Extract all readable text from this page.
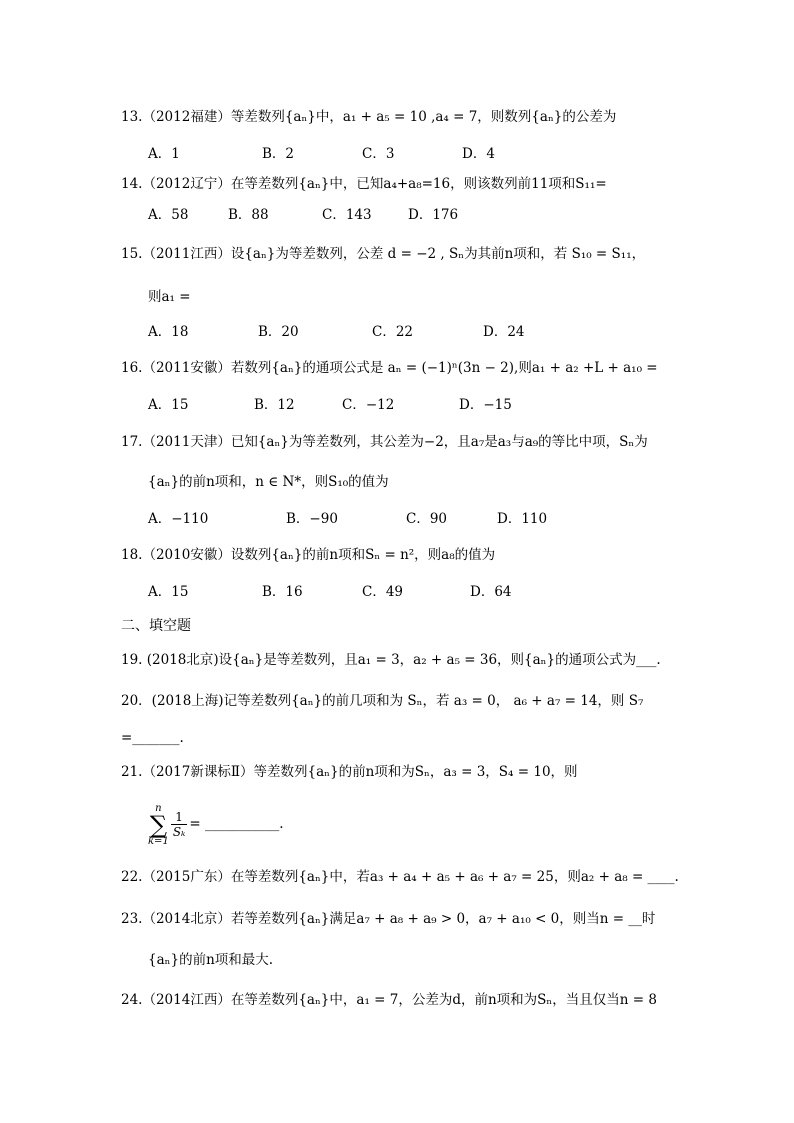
13.（2012福建）等差数列{aₙ}中，a₁ + a₅ = 10 ,a₄ = 7，则数列{aₙ}的公差为
A．1	B．2	C．3	D．4
14.（2012辽宁）在等差数列{aₙ}中，已知a₄+a₈=16，则该数列前11项和S₁₁=
A．58	B．88	C．143	D．176
15.（2011江西）设{aₙ}为等差数列，公差 d = −2 , Sₙ为其前n项和，若 S₁₀ = S₁₁，
则a₁ =
A．18	B．20	C．22	D．24
16.（2011安徽）若数列{aₙ}的通项公式是 aₙ = (−1)ⁿ(3n − 2),则a₁ + a₂ +L + a₁₀ =
A．15	B．12	C．−12	D．−15
17.（2011天津）已知{aₙ}为等差数列，其公差为−2，且a₇是a₃与a₉的等比中项，Sₙ为
{aₙ}的前n项和，n ∈ N*，则S₁₀的值为
A．−110	B．−90	C．90	D．110
18.（2010安徽）设数列{aₙ}的前n项和Sₙ = n²，则a₈的值为
A．15	B．16	C．49	D．64
二、填空题
19. (2018北京)设{aₙ}是等差数列，且a₁ = 3，a₂ + a₅ = 36，则{aₙ}的通项公式为___.
20．(2018上海)记等差数列{aₙ}的前几项和为 Sₙ，若 a₃ = 0， a₆ + a₇ = 14，则 S₇
=_______.
21.（2017新课标Ⅱ）等差数列{aₙ}的前n项和为Sₙ，a₃ = 3，S₄ = 10，则
n
∑
k=1
$\frac{1}{\text{Sₖ}}$ = ___________.
22.（2015广东）在等差数列{aₙ}中，若a₃ + a₄ + a₅ + a₆ + a₇ = 25，则a₂ + a₈ = ____.
23.（2014北京）若等差数列{aₙ}满足a₇ + a₈ + a₉ > 0，a₇ + a₁₀ < 0，则当n = __时
{aₙ}的前n项和最大.
24.（2014江西）在等差数列{aₙ}中，a₁ = 7，公差为d，前n项和为Sₙ，当且仅当n = 8
